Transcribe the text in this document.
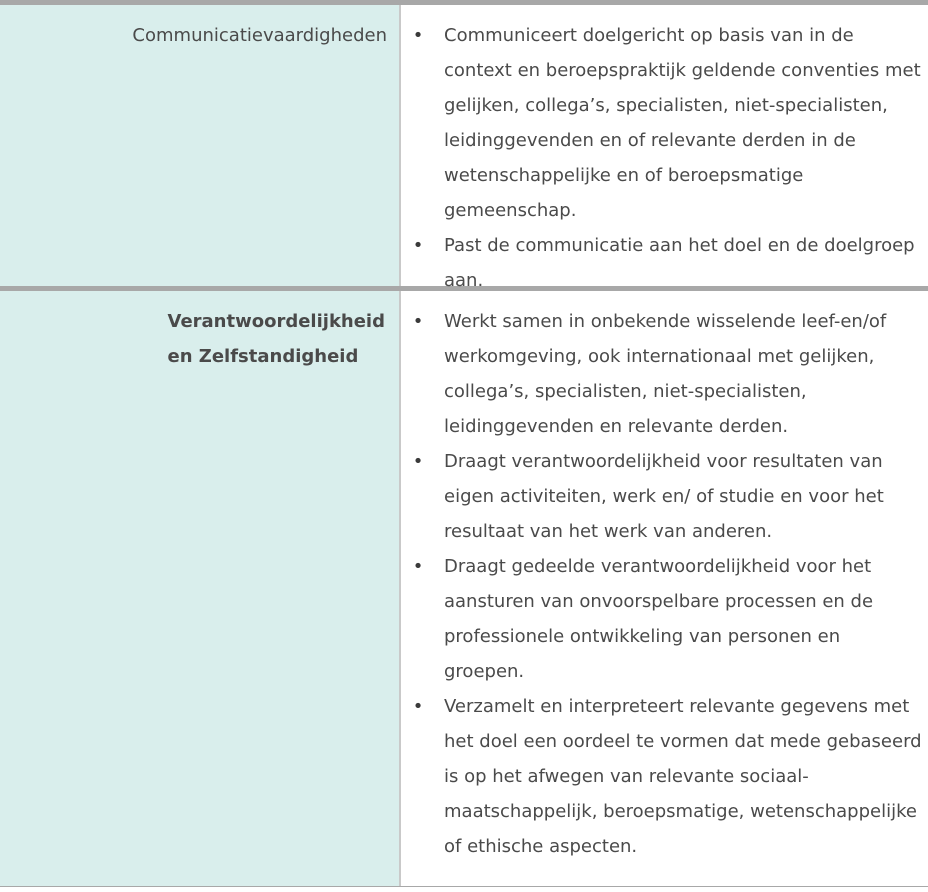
Communicatievaardigheden	• Communiceert doelgericht op basis van in de context en beroepspraktijk geldende conventies met gelijken, collega’s, specialisten, niet-specialisten, leidinggevenden en of relevante derden in de wetenschappelijke en of beroepsmatige gemeenschap.
• Past de communicatie aan het doel en de doelgroep aan.
Verantwoordelijkheid
en Zelfstandigheid
• Werkt samen in onbekende wisselende leef-en/of werkomgeving, ook internationaal met gelijken, collega’s, specialisten, niet-specialisten, leidinggevenden en relevante derden.
• Draagt verantwoordelijkheid voor resultaten van eigen activiteiten, werk en/ of studie en voor het resultaat van het werk van anderen.
• Draagt gedeelde verantwoordelijkheid voor het aansturen van onvoorspelbare processen en de professionele ontwikkeling van personen en groepen.
• Verzamelt en interpreteert relevante gegevens met het doel een oordeel te vormen dat mede gebaseerd is op het afwegen van relevante sociaal-maatschappelijk, beroepsmatige, wetenschappelijke of ethische aspecten.
